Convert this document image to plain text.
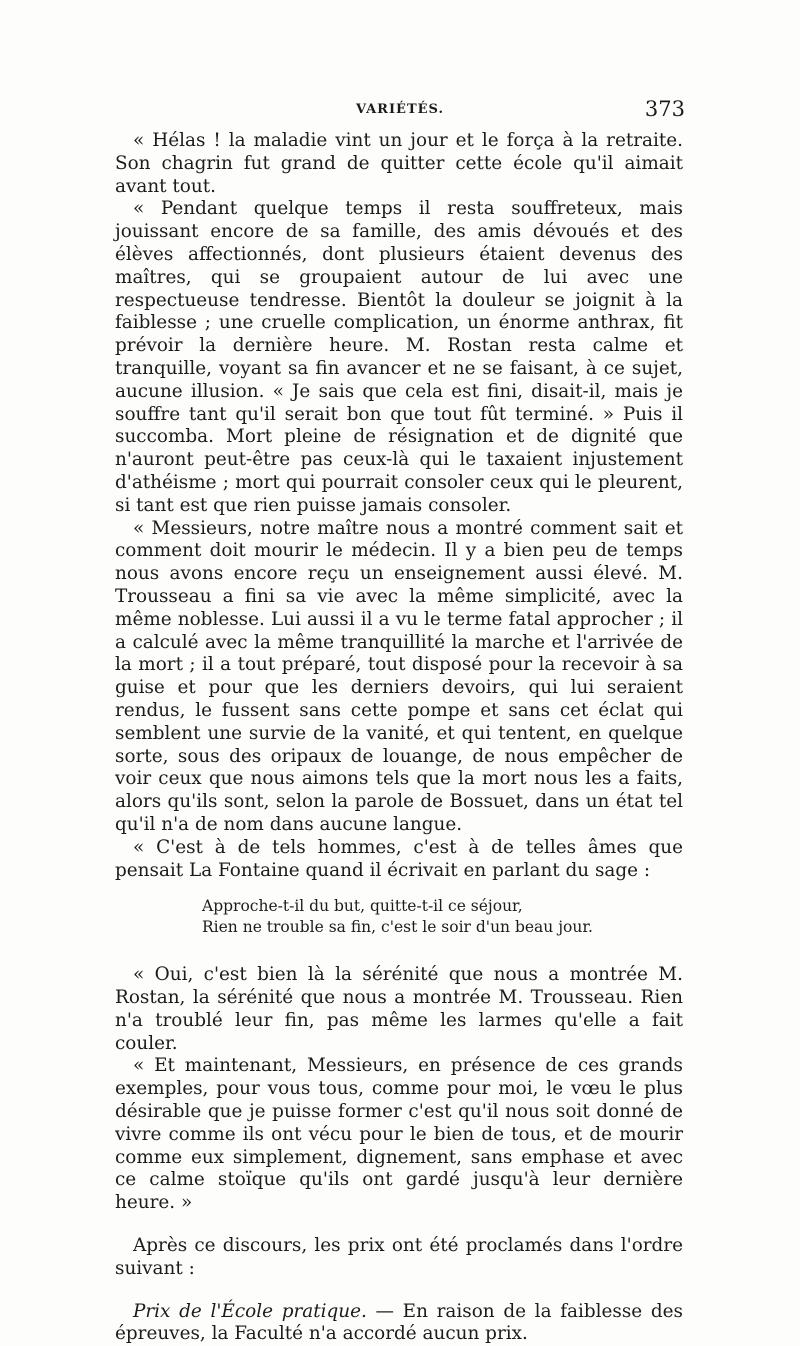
VARIÉTÉS.	373

« Hélas ! la maladie vint un jour et le força à la retraite. Son chagrin fut grand de quitter cette école qu'il aimait avant tout.

« Pendant quelque temps il resta souffreteux, mais jouissant encore de sa famille, des amis dévoués et des élèves affectionnés, dont plusieurs étaient devenus des maîtres, qui se groupaient autour de lui avec une respectueuse tendresse. Bientôt la douleur se joignit à la faiblesse ; une cruelle complication, un énorme anthrax, fit prévoir la dernière heure. M. Rostan resta calme et tranquille, voyant sa fin avancer et ne se faisant, à ce sujet, aucune illusion. « Je sais que cela est fini, disait-il, mais je souffre tant qu'il serait bon que tout fût terminé. » Puis il succomba. Mort pleine de résignation et de dignité que n'auront peut-être pas ceux-là qui le taxaient injustement d'athéisme ; mort qui pourrait consoler ceux qui le pleurent, si tant est que rien puisse jamais consoler.

« Messieurs, notre maître nous a montré comment sait et comment doit mourir le médecin. Il y a bien peu de temps nous avons encore reçu un enseignement aussi élevé. M. Trousseau a fini sa vie avec la même simplicité, avec la même noblesse. Lui aussi il a vu le terme fatal approcher ; il a calculé avec la même tranquillité la marche et l'arrivée de la mort ; il a tout préparé, tout disposé pour la recevoir à sa guise et pour que les derniers devoirs, qui lui seraient rendus, le fussent sans cette pompe et sans cet éclat qui semblent une survie de la vanité, et qui tentent, en quelque sorte, sous des oripaux de louange, de nous empêcher de voir ceux que nous aimons tels que la mort nous les a faits, alors qu'ils sont, selon la parole de Bossuet, dans un état tel qu'il n'a de nom dans aucune langue.

« C'est à de tels hommes, c'est à de telles âmes que pensait La Fontaine quand il écrivait en parlant du sage :

Approche-t-il du but, quitte-t-il ce séjour,
Rien ne trouble sa fin, c'est le soir d'un beau jour.

« Oui, c'est bien là la sérénité que nous a montrée M. Rostan, la sérénité que nous a montrée M. Trousseau. Rien n'a troublé leur fin, pas même les larmes qu'elle a fait couler.

« Et maintenant, Messieurs, en présence de ces grands exemples, pour vous tous, comme pour moi, le vœu le plus désirable que je puisse former c'est qu'il nous soit donné de vivre comme ils ont vécu pour le bien de tous, et de mourir comme eux simplement, dignement, sans emphase et avec ce calme stoïque qu'ils ont gardé jusqu'à leur dernière heure. »

Après ce discours, les prix ont été proclamés dans l'ordre suivant :

Prix de l'École pratique. — En raison de la faiblesse des épreuves, la Faculté n'a accordé aucun prix.
